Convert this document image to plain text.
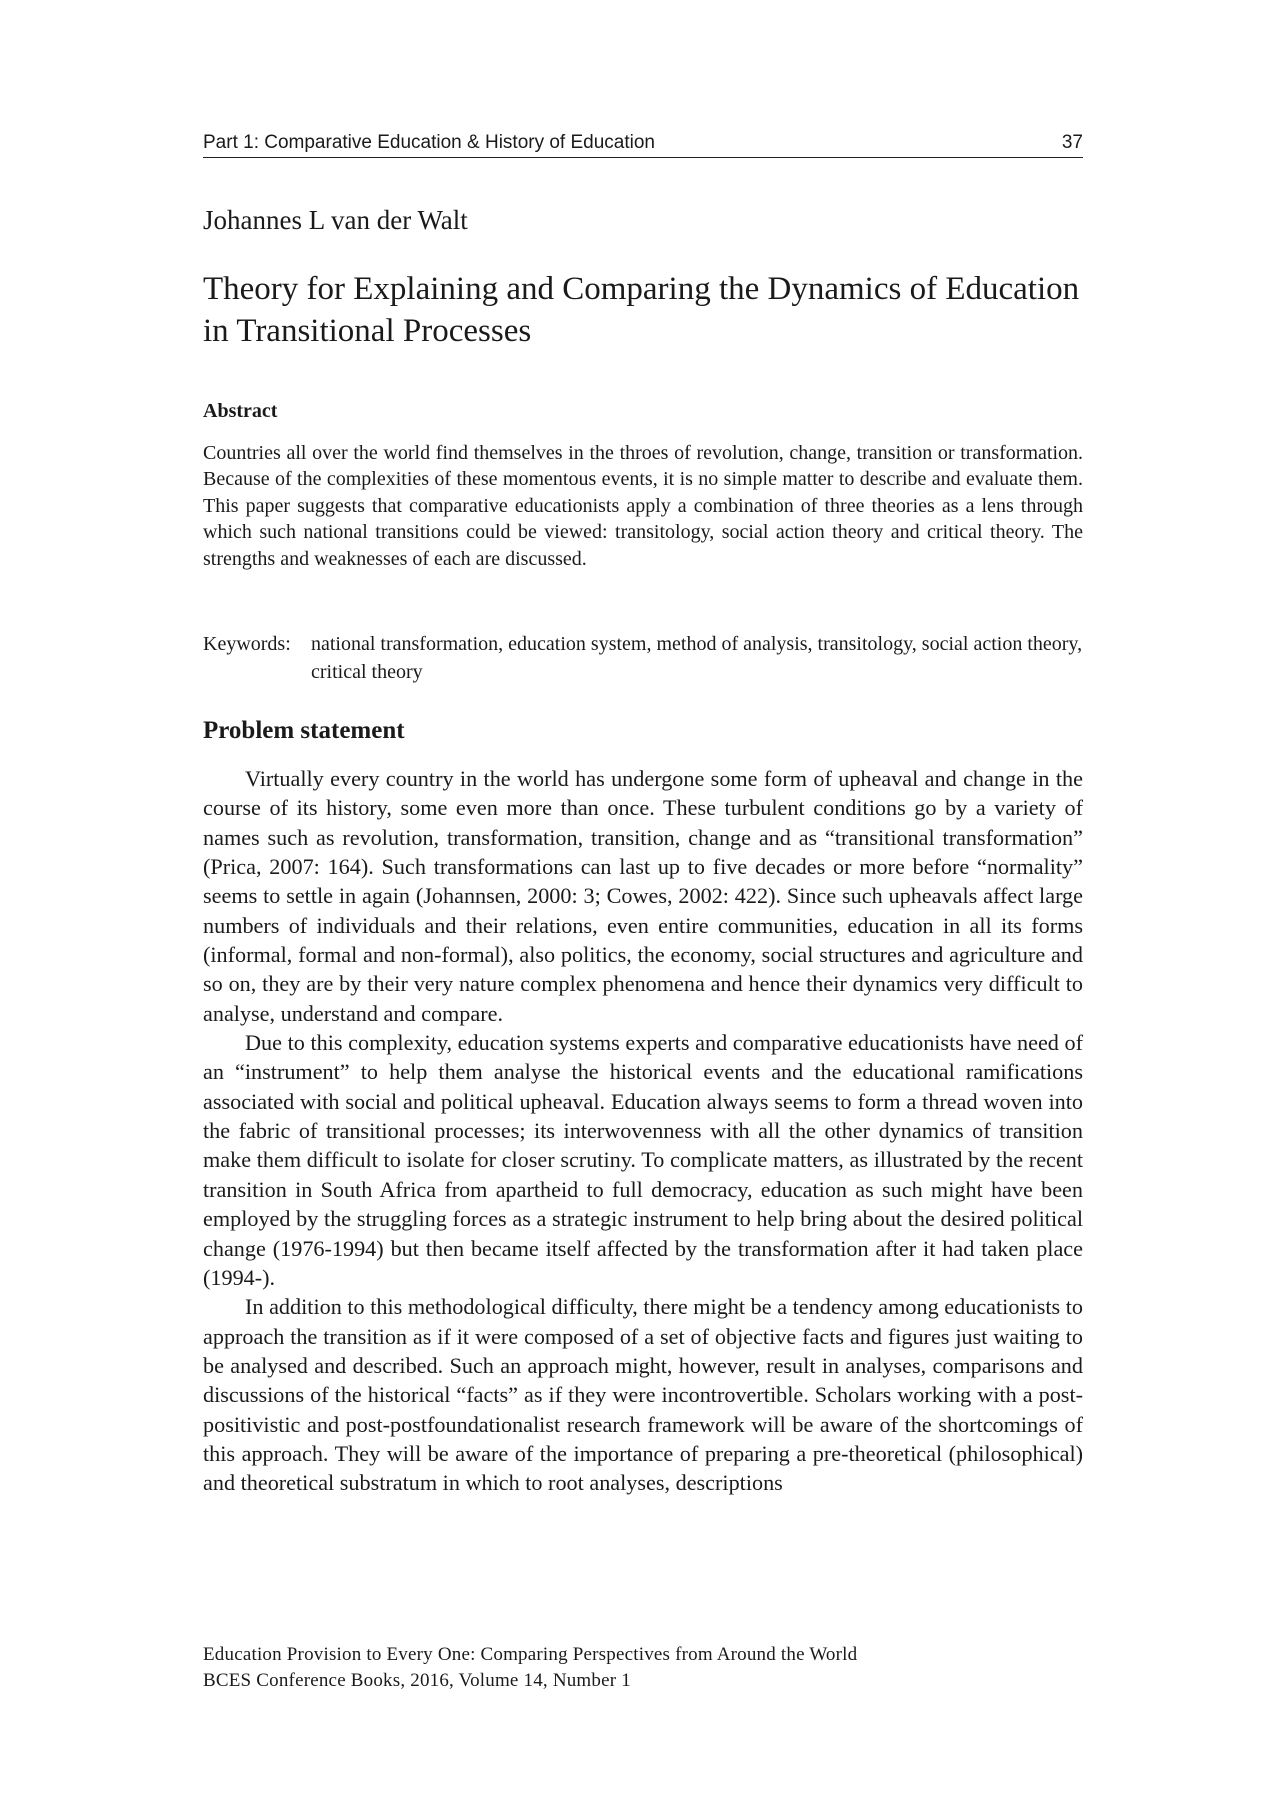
Part 1: Comparative Education & History of Education	37
Johannes L van der Walt
Theory for Explaining and Comparing the Dynamics of Education in Transitional Processes
Abstract

Countries all over the world find themselves in the throes of revolution, change, transition or transformation. Because of the complexities of these momentous events, it is no simple matter to describe and evaluate them. This paper suggests that comparative educationists apply a combination of three theories as a lens through which such national transitions could be viewed: transitology, social action theory and critical theory. The strengths and weaknesses of each are discussed.

Keywords: national transformation, education system, method of analysis, transitology, social action theory, critical theory

Problem statement

Virtually every country in the world has undergone some form of upheaval and change in the course of its history, some even more than once. These turbulent conditions go by a variety of names such as revolution, transformation, transition, change and as “transitional transformation” (Prica, 2007: 164). Such transformations can last up to five decades or more before “normality” seems to settle in again (Johannsen, 2000: 3; Cowes, 2002: 422). Since such upheavals affect large numbers of individuals and their relations, even entire communities, education in all its forms (informal, formal and non-formal), also politics, the economy, social structures and agriculture and so on, they are by their very nature complex phenomena and hence their dynamics very difficult to analyse, understand and compare.

Due to this complexity, education systems experts and comparative educationists have need of an “instrument” to help them analyse the historical events and the educational ramifications associated with social and political upheaval. Education always seems to form a thread woven into the fabric of transitional processes; its interwovenness with all the other dynamics of transition make them difficult to isolate for closer scrutiny. To complicate matters, as illustrated by the recent transition in South Africa from apartheid to full democracy, education as such might have been employed by the struggling forces as a strategic instrument to help bring about the desired political change (1976-1994) but then became itself affected by the transformation after it had taken place (1994-).

In addition to this methodological difficulty, there might be a tendency among educationists to approach the transition as if it were composed of a set of objective facts and figures just waiting to be analysed and described. Such an approach might, however, result in analyses, comparisons and discussions of the historical “facts” as if they were incontrovertible. Scholars working with a post-positivistic and post-postfoundationalist research framework will be aware of the shortcomings of this approach. They will be aware of the importance of preparing a pre-theoretical (philosophical) and theoretical substratum in which to root analyses, descriptions

Education Provision to Every One: Comparing Perspectives from Around the World
BCES Conference Books, 2016, Volume 14, Number 1
